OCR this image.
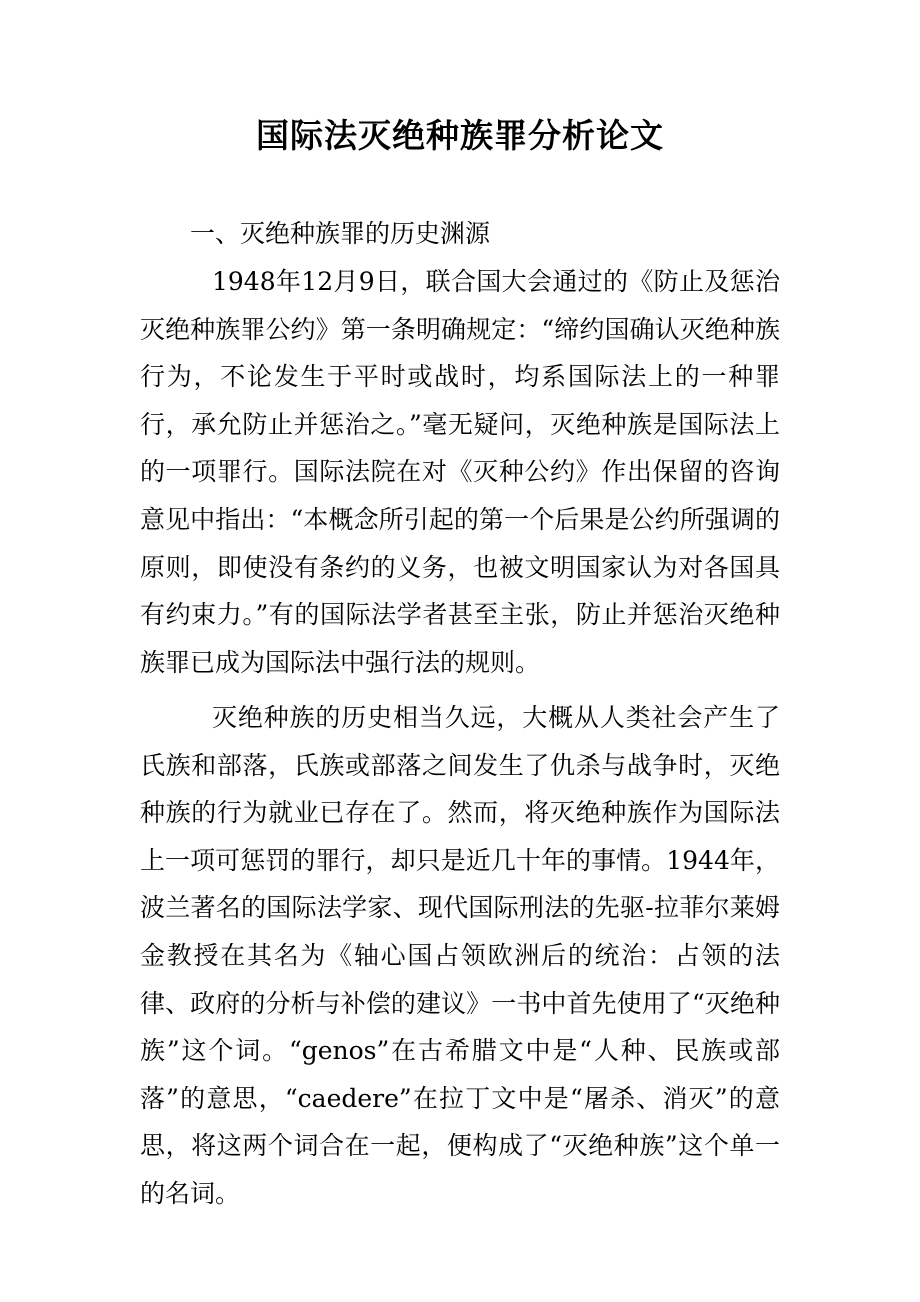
国际法灭绝种族罪分析论文
一、灭绝种族罪的历史渊源

1948年12月9日，联合国大会通过的《防止及惩治灭绝种族罪公约》第一条明确规定：“缔约国确认灭绝种族行为，不论发生于平时或战时，均系国际法上的一种罪行，承允防止并惩治之。”毫无疑问，灭绝种族是国际法上的一项罪行。国际法院在对《灭种公约》作出保留的咨询意见中指出：“本概念所引起的第一个后果是公约所强调的原则，即使没有条约的义务，也被文明国家认为对各国具有约束力。”有的国际法学者甚至主张，防止并惩治灭绝种族罪已成为国际法中强行法的规则。

灭绝种族的历史相当久远，大概从人类社会产生了氏族和部落，氏族或部落之间发生了仇杀与战争时，灭绝种族的行为就业已存在了。然而，将灭绝种族作为国际法上一项可惩罚的罪行，却只是近几十年的事情。1944年，波兰著名的国际法学家、现代国际刑法的先驱-拉菲尔莱姆金教授在其名为《轴心国占领欧洲后的统治：占领的法律、政府的分析与补偿的建议》一书中首先使用了“灭绝种族”这个词。“genos”在古希腊文中是“人种、民族或部落”的意思，“caedere”在拉丁文中是“屠杀、消灭”的意思，将这两个词合在一起，便构成了“灭绝种族”这个单一的名词。
